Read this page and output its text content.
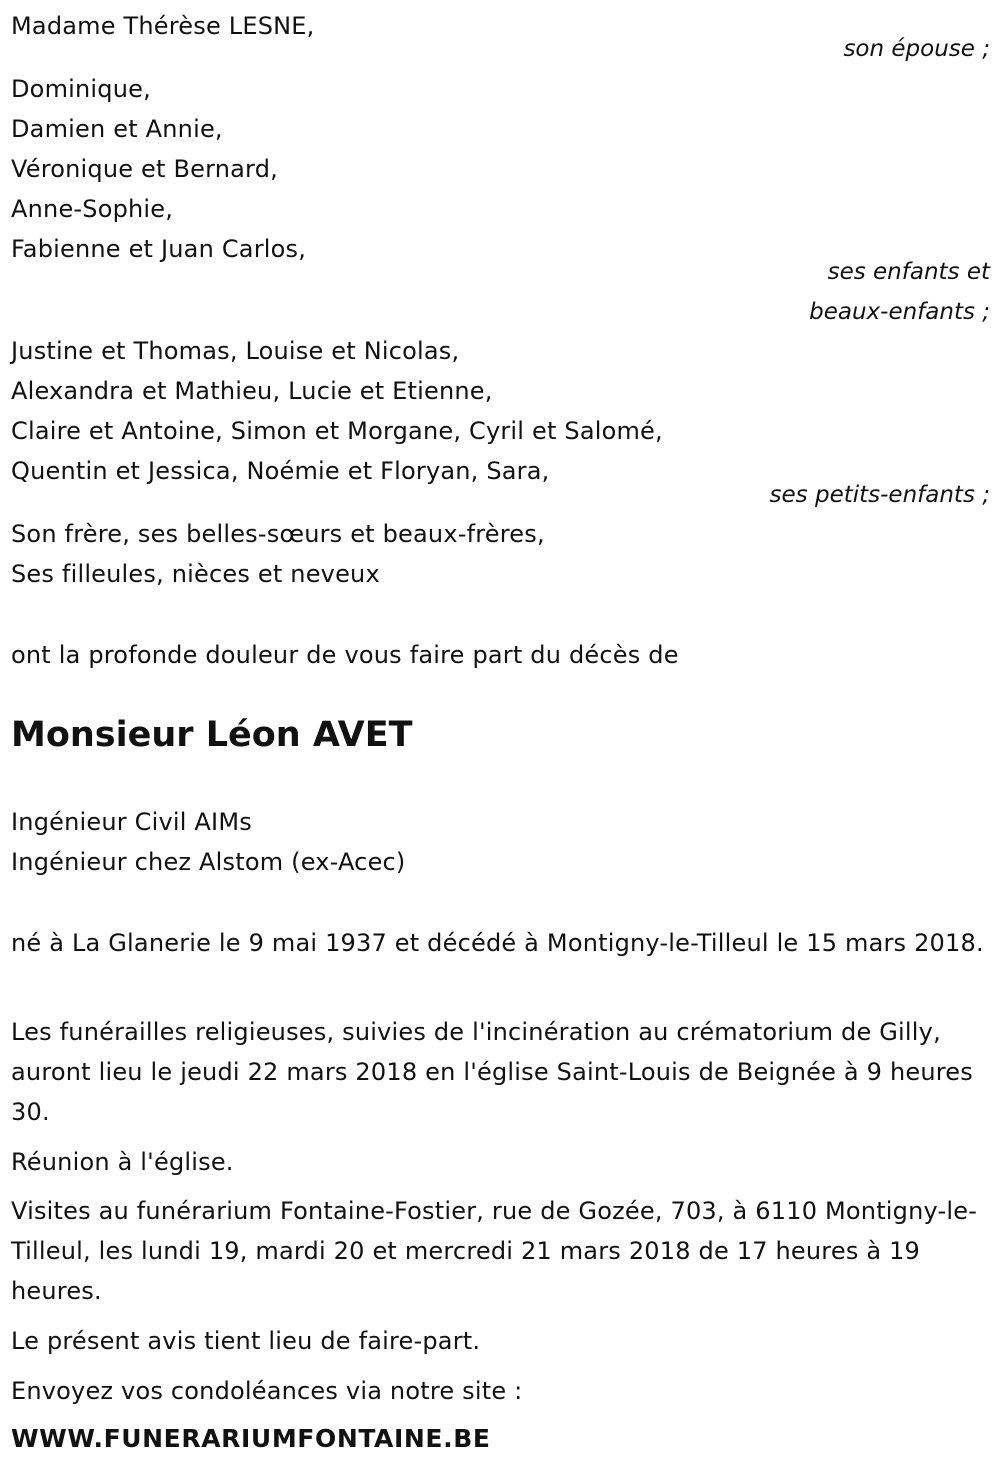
Madame Thérèse LESNE,
son épouse ;
Dominique,
Damien et Annie,
Véronique et Bernard,
Anne-Sophie,
Fabienne et Juan Carlos,
ses enfants et
beaux-enfants ;
Justine et Thomas, Louise et Nicolas,
Alexandra et Mathieu, Lucie et Etienne,
Claire et Antoine, Simon et Morgane, Cyril et Salomé,
Quentin et Jessica, Noémie et Floryan, Sara,
ses petits-enfants ;
Son frère, ses belles-sœurs et beaux-frères,
Ses filleules, nièces et neveux
ont la profonde douleur de vous faire part du décès de
Monsieur Léon AVET
Ingénieur Civil AIMs
Ingénieur chez Alstom (ex-Acec)
né à La Glanerie le 9 mai 1937 et décédé à Montigny-le-Tilleul le 15 mars 2018.
Les funérailles religieuses, suivies de l'incinération au crématorium de Gilly, auront lieu le jeudi 22 mars 2018 en l'église Saint-Louis de Beignée à 9 heures 30.
Réunion à l'église.
Visites au funérarium Fontaine-Fostier, rue de Gozée, 703, à 6110 Montigny-le-Tilleul, les lundi 19, mardi 20 et mercredi 21 mars 2018 de 17 heures à 19 heures.
Le présent avis tient lieu de faire-part.
Envoyez vos condoléances via notre site :
WWW.FUNERARIUMFONTAINE.BE
